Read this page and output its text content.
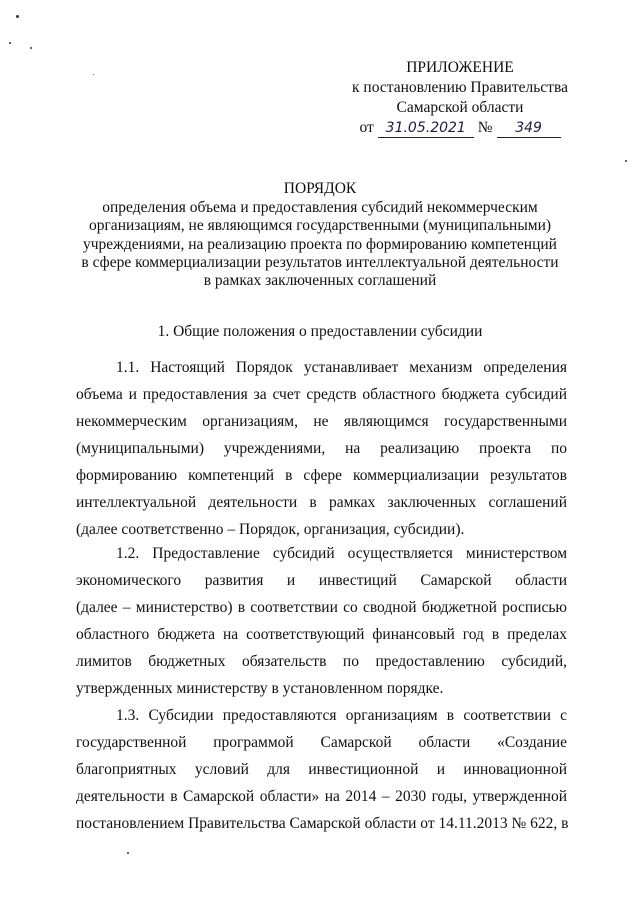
ПРИЛОЖЕНИЕ
к постановлению Правительства
Самарской области
от 31.05.2021 №	349
ПОРЯДОК
определения объема и предоставления субсидий некоммерческим
организациям, не являющимся государственными (муниципальными)
учреждениями, на реализацию проекта по формированию компетенций
в сфере коммерциализации результатов интеллектуальной деятельности
в рамках заключенных соглашений
1. Общие положения о предоставлении субсидии
1.1. Настоящий Порядок устанавливает механизм определения
объема и предоставления за счет средств областного бюджета субсидий
некоммерческим организациям, не являющимся государственными
(муниципальными) учреждениями, на реализацию проекта по
формированию компетенций в сфере коммерциализации результатов
интеллектуальной деятельности в рамках заключенных соглашений
(далее соответственно – Порядок, организация, субсидии).
1.2. Предоставление субсидий осуществляется министерством
экономического развития и инвестиций Самарской области
(далее – министерство) в соответствии со сводной бюджетной росписью
областного бюджета на соответствующий финансовый год в пределах
лимитов бюджетных обязательств по предоставлению субсидий,
утвержденных министерству в установленном порядке.
1.3. Субсидии предоставляются организациям в соответствии с
государственной программой Самарской области «Создание
благоприятных условий для инвестиционной и инновационной
деятельности в Самарской области» на 2014 – 2030 годы, утвержденной
постановлением Правительства Самарской области от 14.11.2013 № 622, в
